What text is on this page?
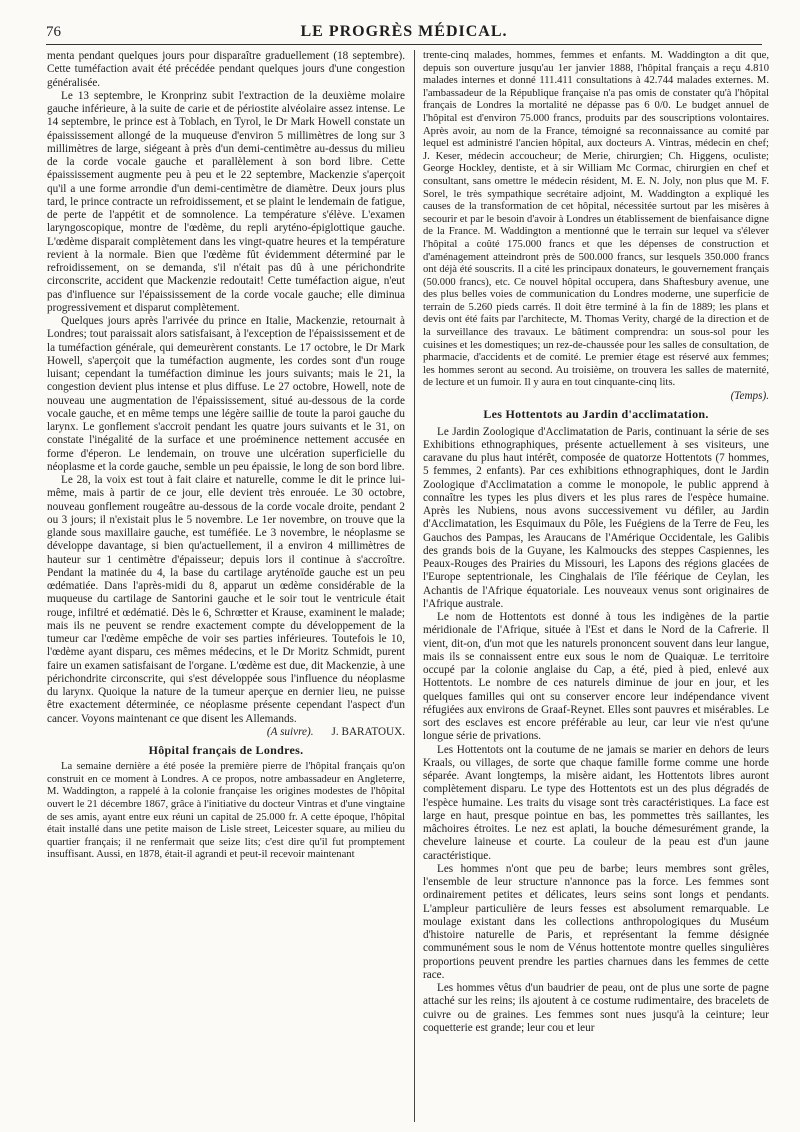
76	LE PROGRÈS MÉDICAL.

menta pendant quelques jours pour disparaître graduellement (18 septembre). Cette tuméfaction avait été précédée pendant quelques jours d'une congestion généralisée.

Le 13 septembre, le Kronprinz subit l'extraction de la deuxième molaire gauche inférieure, à la suite de carie et de périostite alvéolaire assez intense. Le 14 septembre, le prince est à Toblach, en Tyrol, le Dr Mark Howell constate un épaississement allongé de la muqueuse d'environ 5 millimètres de long sur 3 millimètres de large, siégeant à près d'un demi-centimètre au-dessus du milieu de la corde vocale gauche et parallèlement à son bord libre. Cette épaississement augmente peu à peu et le 22 septembre, Mackenzie s'aperçoit qu'il a une forme arrondie d'un demi-centimètre de diamètre. Deux jours plus tard, le prince contracte un refroidissement, et se plaint le lendemain de fatigue, de perte de l'appétit et de somnolence. La température s'élève. L'examen laryngoscopique, montre de l'œdème, du repli aryténo-épiglottique gauche. L'œdème disparait complètement dans les vingt-quatre heures et la température revient à la normale. Bien que l'œdème fût évidemment déterminé par le refroidissement, on se demanda, s'il n'était pas dû à une périchondrite circonscrite, accident que Mackenzie redoutait! Cette tuméfaction aigue, n'eut pas d'influence sur l'épaississement de la corde vocale gauche; elle diminua progressivement et disparut complètement.

Quelques jours après l'arrivée du prince en Italie, Mackenzie, retournait à Londres; tout paraissait alors satisfaisant, à l'exception de l'épaississement et de la tuméfaction générale, qui demeurèrent constants. Le 17 octobre, le Dr Mark Howell, s'aperçoit que la tuméfaction augmente, les cordes sont d'un rouge luisant; cependant la tuméfaction diminue les jours suivants; mais le 21, la congestion devient plus intense et plus diffuse. Le 27 octobre, Howell, note de nouveau une augmentation de l'épaississement, situé au-dessous de la corde vocale gauche, et en même temps une légère saillie de toute la paroi gauche du larynx. Le gonflement s'accroit pendant les quatre jours suivants et le 31, on constate l'inégalité de la surface et une proéminence nettement accusée en forme d'éperon. Le lendemain, on trouve une ulcération superficielle du néoplasme et la corde gauche, semble un peu épaissie, le long de son bord libre.

Le 28, la voix est tout à fait claire et naturelle, comme le dit le prince lui-même, mais à partir de ce jour, elle devient très enrouée. Le 30 octobre, nouveau gonflement rougeâtre au-dessous de la corde vocale droite, pendant 2 ou 3 jours; il n'existait plus le 5 novembre. Le 1er novembre, on trouve que la glande sous maxillaire gauche, est tuméfiée. Le 3 novembre, le néoplasme se développe davantage, si bien qu'actuellement, il a environ 4 millimètres de hauteur sur 1 centimètre d'épaisseur; depuis lors il continue à s'accroître. Pendant la matinée du 4, la base du cartilage aryténoïde gauche est un peu œdématiée. Dans l'après-midi du 8, apparut un œdème considérable de la muqueuse du cartilage de Santorini gauche et le soir tout le ventricule était rouge, infiltré et œdématié. Dès le 6, Schrœtter et Krause, examinent le malade; mais ils ne peuvent se rendre exactement compte du développement de la tumeur car l'œdème empêche de voir ses parties inférieures. Toutefois le 10, l'œdème ayant disparu, ces mêmes médecins, et le Dr Moritz Schmidt, purent faire un examen satisfaisant de l'organe. L'œdème est due, dit Mackenzie, à une périchondrite circonscrite, qui s'est développée sous l'influence du néoplasme du larynx. Quoique la nature de la tumeur aperçue en dernier lieu, ne puisse être exactement déterminée, ce néoplasme présente cependant l'aspect d'un cancer. Voyons maintenant ce que disent les Allemands.

(A suivre). J. BARATOUX.
Hôpital français de Londres.

La semaine dernière a été posée la première pierre de l'hôpital français qu'on construit en ce moment à Londres. A ce propos, notre ambassadeur en Angleterre, M. Waddington, a rappelé à la colonie française les origines modestes de l'hôpital ouvert le 21 décembre 1867, grâce à l'initiative du docteur Vintras et d'une vingtaine de ses amis, ayant entre eux réuni un capital de 25.000 fr. A cette époque, l'hôpital était installé dans une petite maison de Lisle street, Leicester square, au milieu du quartier français; il ne renfermait que seize lits; c'est dire qu'il fut promptement insuffisant. Aussi, en 1878, était-il agrandi et peut-il recevoir maintenant

trente-cinq malades, hommes, femmes et enfants. M. Waddington a dit que, depuis son ouverture jusqu'au 1er janvier 1888, l'hôpital français a reçu 4.810 malades internes et donné 111.411 consultations à 42.744 malades externes. M. l'ambassadeur de la République française n'a pas omis de constater qu'à l'hôpital français de Londres la mortalité ne dépasse pas 6 0/0. Le budget annuel de l'hôpital est d'environ 75.000 francs, produits par des souscriptions volontaires. Après avoir, au nom de la France, témoigné sa reconnaissance au comité par lequel est administré l'ancien hôpital, aux docteurs A. Vintras, médecin en chef; J. Keser, médecin accoucheur; de Merie, chirurgien; Ch. Higgens, oculiste; George Hockley, dentiste, et à sir William Mc Cormac, chirurgien en chef et consultant, sans omettre le médecin résident, M. E. N. Joly, non plus que M. F. Sorel, le très sympathique secrétaire adjoint, M. Waddington a expliqué les causes de la transformation de cet hôpital, nécessitée surtout par les misères à secourir et par le besoin d'avoir à Londres un établissement de bienfaisance digne de la France. M. Waddington a mentionné que le terrain sur lequel va s'élever l'hôpital a coûté 175.000 francs et que les dépenses de construction et d'aménagement atteindront près de 500.000 francs, sur lesquels 350.000 francs ont déjà été souscrits. Il a cité les principaux donateurs, le gouvernement français (50.000 francs), etc. Ce nouvel hôpital occupera, dans Shaftesbury avenue, une des plus belles voies de communication du Londres moderne, une superficie de terrain de 5.260 pieds carrés. Il doit être terminé à la fin de 1889; les plans et devis ont été faits par l'architecte, M. Thomas Verity, chargé de la direction et de la surveillance des travaux. Le bâtiment comprendra: un sous-sol pour les cuisines et les domestiques; un rez-de-chaussée pour les salles de consultation, de pharmacie, d'accidents et de comité. Le premier étage est réservé aux femmes; les hommes seront au second. Au troisième, on trouvera les salles de maternité, de lecture et un fumoir. Il y aura en tout cinquante-cinq lits.

(Temps).
Les Hottentots au Jardin d'acclimatation.

Le Jardin Zoologique d'Acclimatation de Paris, continuant la série de ses Exhibitions ethnographiques, présente actuellement à ses visiteurs, une caravane du plus haut intérêt, composée de quatorze Hottentots (7 hommes, 5 femmes, 2 enfants). Par ces exhibitions ethnographiques, dont le Jardin Zoologique d'Acclimatation a comme le monopole, le public apprend à connaître les types les plus divers et les plus rares de l'espèce humaine. Après les Nubiens, nous avons successivement vu défiler, au Jardin d'Acclimatation, les Esquimaux du Pôle, les Fuégiens de la Terre de Feu, les Gauchos des Pampas, les Araucans de l'Amérique Occidentale, les Galibis des grands bois de la Guyane, les Kalmoucks des steppes Caspiennes, les Peaux-Rouges des Prairies du Missouri, les Lapons des régions glacées de l'Europe septentrionale, les Cinghalais de l'île féérique de Ceylan, les Achantis de l'Afrique équatoriale. Les nouveaux venus sont originaires de l'Afrique australe.

Le nom de Hottentots est donné à tous les indigènes de la partie méridionale de l'Afrique, située à l'Est et dans le Nord de la Cafrerie. Il vient, dit-on, d'un mot que les naturels prononcent souvent dans leur langue, mais ils se connaissent entre eux sous le nom de Quaiquæ. Le territoire occupé par la colonie anglaise du Cap, a été, pied à pied, enlevé aux Hottentots. Le nombre de ces naturels diminue de jour en jour, et les quelques familles qui ont su conserver encore leur indépendance vivent réfugiées aux environs de Graaf-Reynet. Elles sont pauvres et misérables. Le sort des esclaves est encore préférable au leur, car leur vie n'est qu'une longue série de privations.

Les Hottentots ont la coutume de ne jamais se marier en dehors de leurs Kraals, ou villages, de sorte que chaque famille forme comme une horde séparée. Avant longtemps, la misère aidant, les Hottentots libres auront complètement disparu. Le type des Hottentots est un des plus dégradés de l'espèce humaine. Les traits du visage sont très caractéristiques. La face est large en haut, presque pointue en bas, les pommettes très saillantes, les mâchoires étroites. Le nez est aplati, la bouche démesurément grande, la chevelure laineuse et courte. La couleur de la peau est d'un jaune caractéristique.

Les hommes n'ont que peu de barbe; leurs membres sont grêles, l'ensemble de leur structure n'annonce pas la force. Les femmes sont ordinairement petites et délicates, leurs seins sont longs et pendants. L'ampleur particulière de leurs fesses est absolument remarquable. Le moulage existant dans les collections anthropologiques du Muséum d'histoire naturelle de Paris, et représentant la femme désignée communément sous le nom de Vénus hottentote montre quelles singulières proportions peuvent prendre les parties charnues dans les femmes de cette race.

Les hommes vêtus d'un baudrier de peau, ont de plus une sorte de pagne attaché sur les reins; ils ajoutent à ce costume rudimentaire, des bracelets de cuivre ou de graines. Les femmes sont nues jusqu'à la ceinture; leur coquetterie est grande; leur cou et leur
